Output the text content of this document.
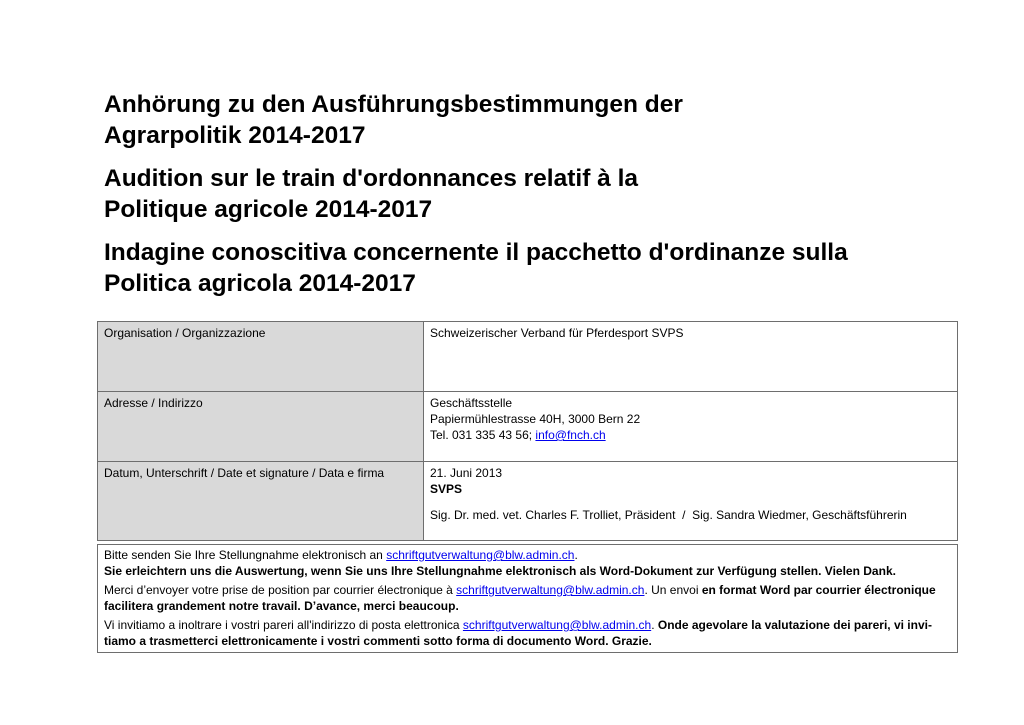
Anhörung zu den Ausführungsbestimmungen der
Agrarpolitik 2014-2017
Audition sur le train d'ordonnances relatif à la
Politique agricole 2014-2017
Indagine conoscitiva concernente il pacchetto d'ordinanze sulla
Politica agricola 2014-2017
Organisation / Organizzazione	Schweizerischer Verband für Pferdesport SVPS
Adresse / Indirizzo	Geschäftsstelle
Papiermühlestrasse 40H, 3000 Bern 22
Tel. 031 335 43 56; info@fnch.ch

Datum, Unterschrift / Date et signature / Data e firma	21. Juni 2013
SVPS
Sig. Dr. med. vet. Charles F. Trolliet, Präsident  /  Sig. Sandra Wiedmer, Geschäftsführerin

Bitte senden Sie Ihre Stellungnahme elektronisch an schriftgutverwaltung@blw.admin.ch.
Sie erleichtern uns die Auswertung, wenn Sie uns Ihre Stellungnahme elektronisch als Word-Dokument zur Verfügung stellen. Vielen Dank.

Merci d’envoyer votre prise de position par courrier électronique à schriftgutverwaltung@blw.admin.ch. Un envoi en format Word par courrier électronique facilitera grandement notre travail. D’avance, merci beaucoup.

Vi invitiamo a inoltrare i vostri pareri all'indirizzo di posta elettronica schriftgutverwaltung@blw.admin.ch. Onde agevolare la valutazione dei pareri, vi invi-tiamo a trasmetterci elettronicamente i vostri commenti sotto forma di documento Word. Grazie.
